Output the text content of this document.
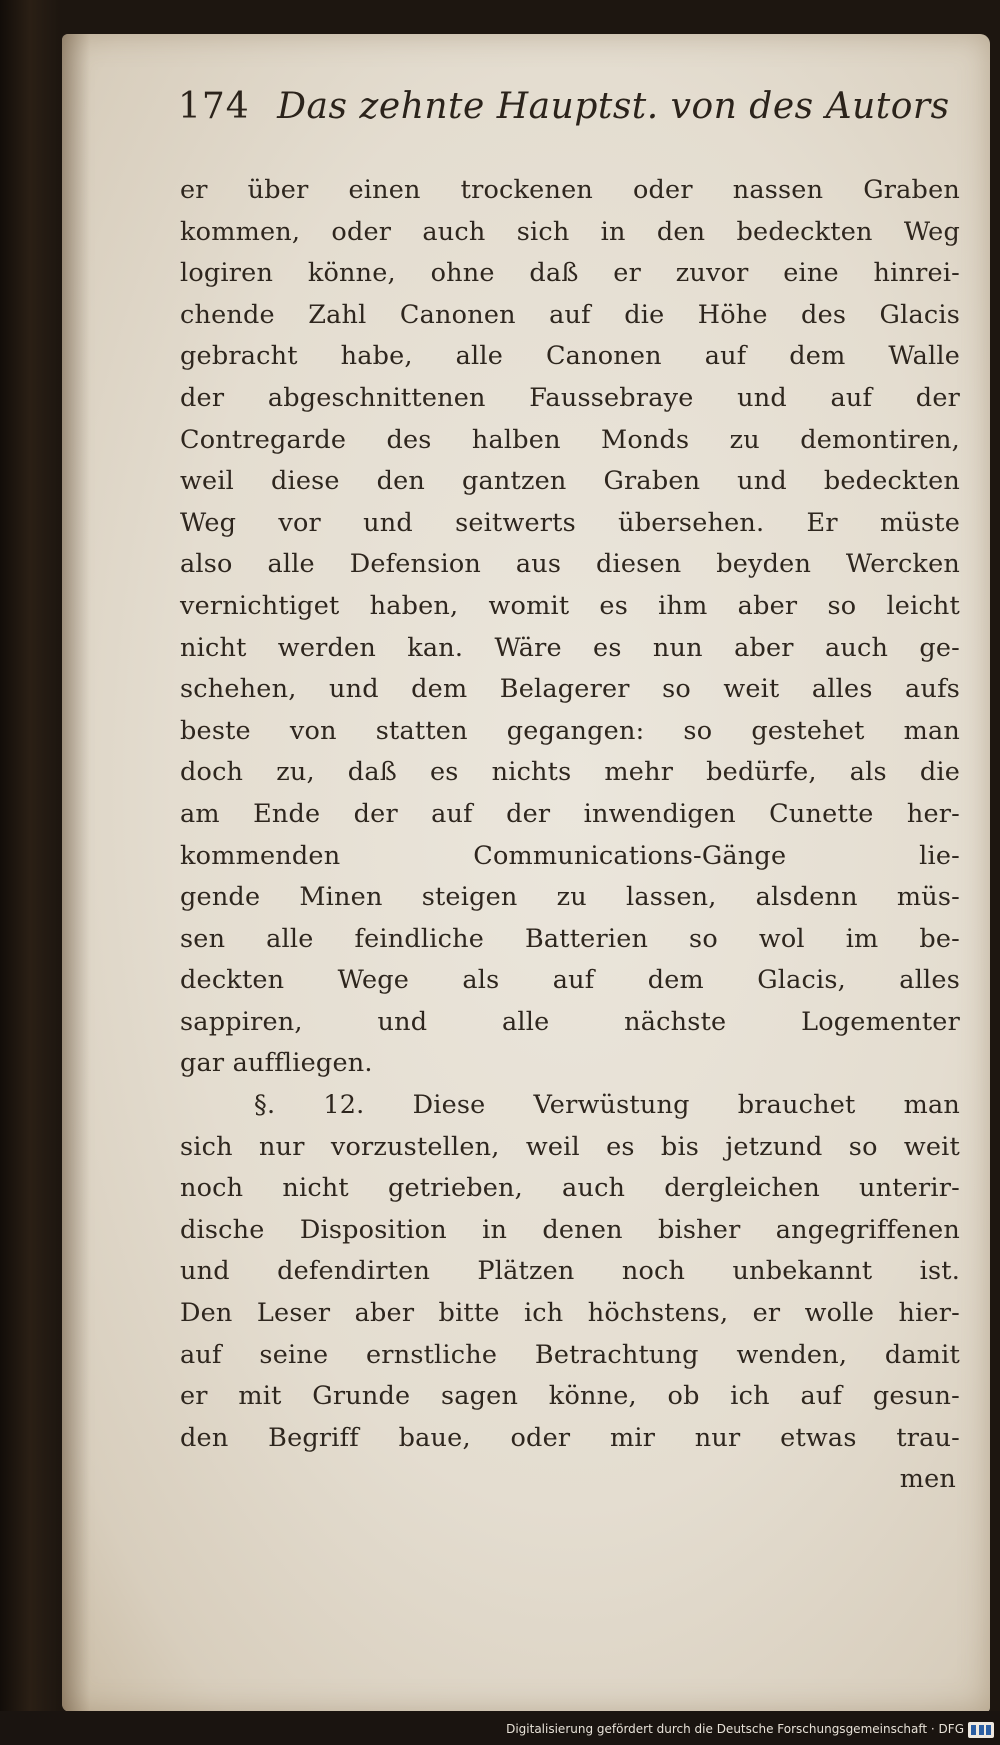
174 Das zehnte Hauptst. von des Autors
er über einen trockenen oder nassen Graben
kommen, oder auch sich in den bedeckten Weg
logiren könne, ohne daß er zuvor eine hinrei-
chende Zahl Canonen auf die Höhe des Glacis
gebracht habe, alle Canonen auf dem Walle
der abgeschnittenen Faussebraye und auf der
Contregarde des halben Monds zu demontiren,
weil diese den gantzen Graben und bedeckten
Weg vor und seitwerts übersehen. Er müste
also alle Defension aus diesen beyden Wercken
vernichtiget haben, womit es ihm aber so leicht
nicht werden kan. Wäre es nun aber auch ge-
schehen, und dem Belagerer so weit alles aufs
beste von statten gegangen: so gestehet man
doch zu, daß es nichts mehr bedürfe, als die
am Ende der auf der inwendigen Cunette her-
kommenden Communications-Gänge lie-
gende Minen steigen zu lassen, alsdenn müs-
sen alle feindliche Batterien so wol im be-
deckten Wege als auf dem Glacis, alles
sappiren, und alle nächste Logementer
gar auffliegen.
§. 12. Diese Verwüstung brauchet man
sich nur vorzustellen, weil es bis jetzund so weit
noch nicht getrieben, auch dergleichen unterir-
dische Disposition in denen bisher angegriffenen
und defendirten Plätzen noch unbekannt ist.
Den Leser aber bitte ich höchstens, er wolle hier-
auf seine ernstliche Betrachtung wenden, damit
er mit Grunde sagen könne, ob ich auf gesun-
den Begriff baue, oder mir nur etwas trau-
men
Digitalisierung gefördert durch die Deutsche Forschungsgemeinschaft · DFG
